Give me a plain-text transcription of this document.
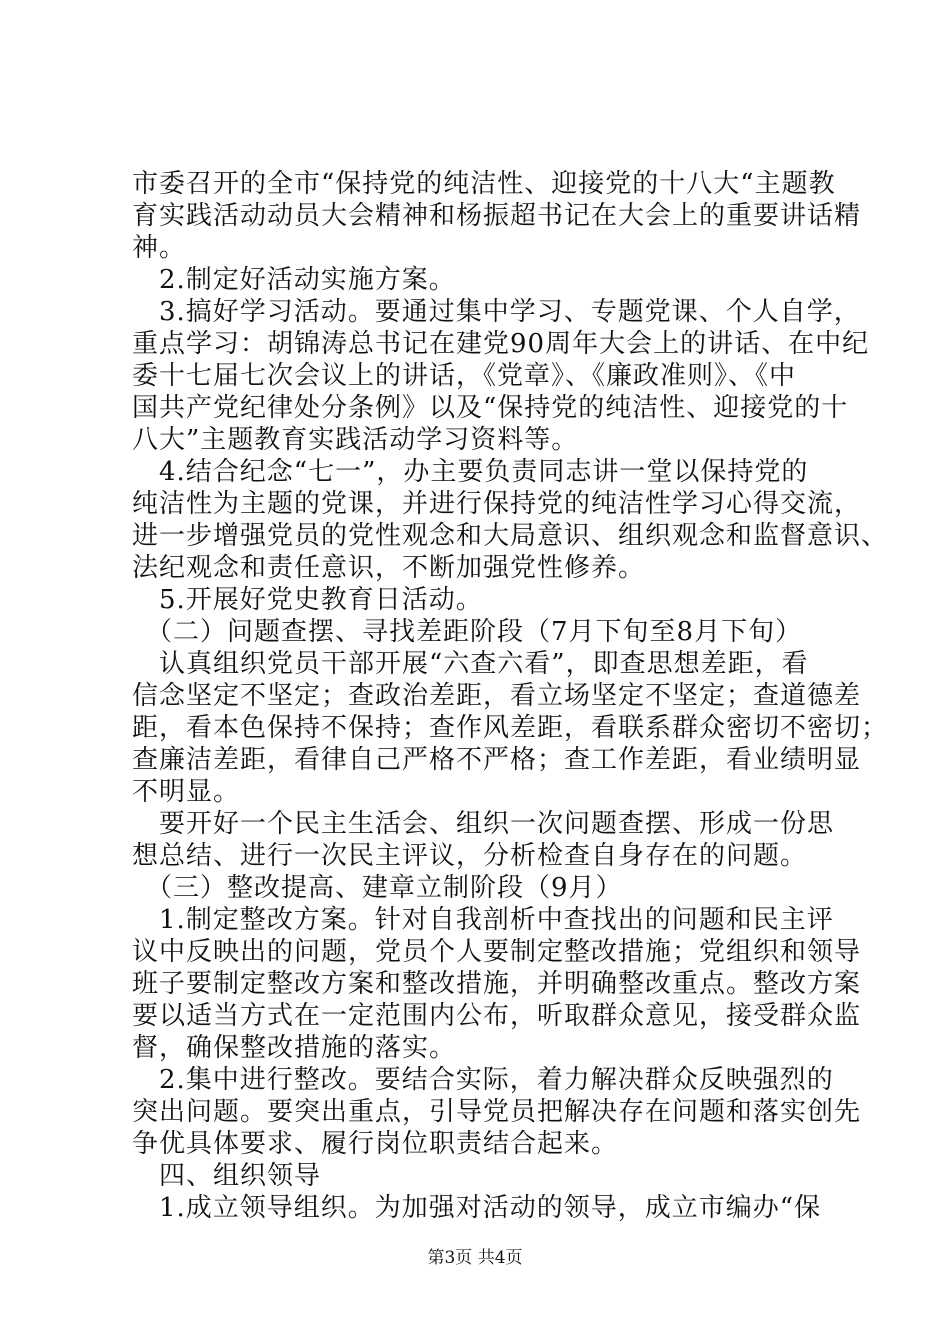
市委召开的全市“保持党的纯洁性、迎接党的十八大“主题教
育实践活动动员大会精神和杨振超书记在大会上的重要讲话精
神。
　2.制定好活动实施方案。
　3.搞好学习活动。要通过集中学习、专题党课、个人自学，
重点学习：胡锦涛总书记在建党90周年大会上的讲话、在中纪
委十七届七次会议上的讲话，《党章》、《廉政准则》、《中
国共产党纪律处分条例》以及“保持党的纯洁性、迎接党的十
八大”主题教育实践活动学习资料等。
　4.结合纪念“七一”，办主要负责同志讲一堂以保持党的
纯洁性为主题的党课，并进行保持党的纯洁性学习心得交流，
进一步增强党员的党性观念和大局意识、组织观念和监督意识、
法纪观念和责任意识，不断加强党性修养。
　5.开展好党史教育日活动。
　（二）问题查摆、寻找差距阶段（7月下旬至8月下旬）
　认真组织党员干部开展“六查六看”，即查思想差距，看
信念坚定不坚定；查政治差距，看立场坚定不坚定；查道德差
距，看本色保持不保持；查作风差距，看联系群众密切不密切；
查廉洁差距，看律自己严格不严格；查工作差距，看业绩明显
不明显。
　要开好一个民主生活会、组织一次问题查摆、形成一份思
想总结、进行一次民主评议，分析检查自身存在的问题。
　（三）整改提高、建章立制阶段（9月）
　1.制定整改方案。针对自我剖析中查找出的问题和民主评
议中反映出的问题，党员个人要制定整改措施；党组织和领导
班子要制定整改方案和整改措施，并明确整改重点。整改方案
要以适当方式在一定范围内公布，听取群众意见，接受群众监
督，确保整改措施的落实。
　2.集中进行整改。要结合实际，着力解决群众反映强烈的
突出问题。要突出重点，引导党员把解决存在问题和落实创先
争优具体要求、履行岗位职责结合起来。
　四、组织领导
　1.成立领导组织。为加强对活动的领导，成立市编办“保
第3页 共4页
